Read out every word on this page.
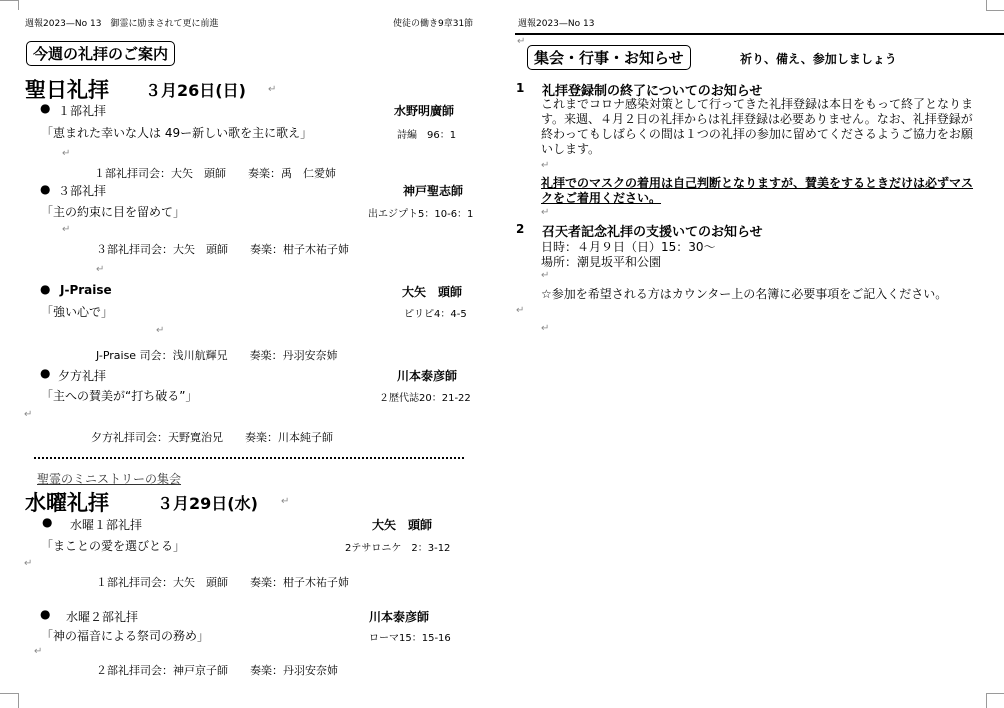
週報2023—No 13　御霊に励まされて更に前進	使徒の働き9章31節	週報2023—No 13
今週の礼拝のご案内
聖日礼拝 ３月26日(日) ↵
● １部礼拝	水野明廣師
「恵まれた幸いな人は 49ー新しい歌を主に歌え」	詩編　96：1
↵
１部礼拝司会：大矢　頭師　　奏楽：禹　仁愛姉
● ３部礼拝	神戸聖志師
「主の約束に目を留めて」	出エジプト5：10-6：1
↵
３部礼拝司会：大矢　頭師　　奏楽：柑子木祐子姉
↵
● J-Praise	大矢　頭師
「強い心で」	ピリピ4：4-5
↵
J-Praise 司会：浅川航輝兄　　奏楽：丹羽安奈姉
● 夕方礼拝	川本泰彦師
「主への賛美が“打ち破る”」	２歴代誌20：21-22
↵
夕方礼拝司会：天野寛治兄　　奏楽：川本純子師
聖霊のミニストリーの集会
水曜礼拝	３月29日(水) ↵
● 水曜１部礼拝	大矢　頭師
「まことの愛を選びとる」	2テサロニケ　2：3-12
↵
１部礼拝司会：大矢　頭師　　奏楽：柑子木祐子姉
● 水曜２部礼拝	川本泰彦師
「神の福音による祭司の務め」	ローマ15：15-16
↵
２部礼拝司会：神戸京子師　　奏楽：丹羽安奈姉
↵
集会・行事・お知らせ	祈り、備え、参加しましょう
1 礼拝登録制の終了についてのお知らせ
これまでコロナ感染対策として行ってきた礼拝登録は本日をもって終了となります。来週、４月２日の礼拝からは礼拝登録は必要ありません。なお、礼拝登録が終わってもしばらくの間は１つの礼拝の参加に留めてくださるようご協力をお願いします。
↵
礼拝でのマスクの着用は自己判断となりますが、賛美をするときだけは必ずマスクをご着用ください。
↵
2 召天者記念礼拝の支援いてのお知らせ
日時：４月９日（日）15：30〜
場所：潮見坂平和公園
↵
☆参加を希望される方はカウンター上の名簿に必要事項をご記入ください。
↵
↵
